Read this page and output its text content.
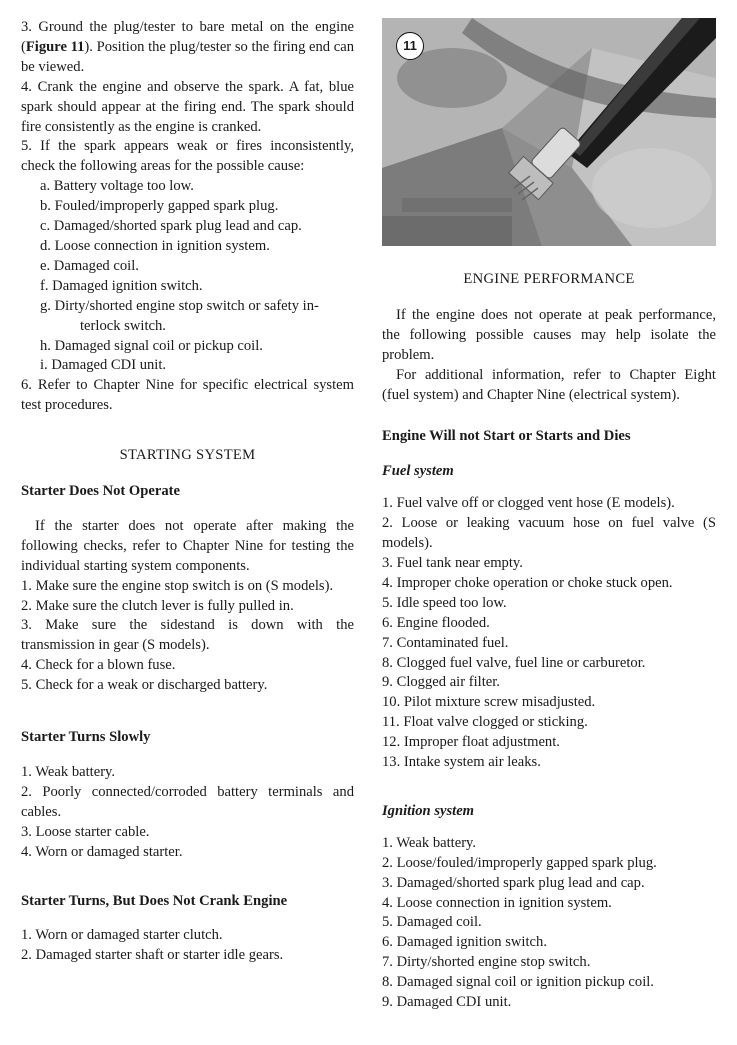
3. Ground the plug/tester to bare metal on the engine (Figure 11). Position the plug/tester so the firing end can be viewed.

4. Crank the engine and observe the spark. A fat, blue spark should appear at the firing end. The spark should fire consistently as the engine is cranked.

5. If the spark appears weak or fires inconsistently, check the following areas for the possible cause:

a. Battery voltage too low.

b. Fouled/improperly gapped spark plug.

c. Damaged/shorted spark plug lead and cap.

d. Loose connection in ignition system.

e. Damaged coil.

f. Damaged ignition switch.

g. Dirty/shorted engine stop switch or safety in-

terlock switch.

h. Damaged signal coil or pickup coil.

i. Damaged CDI unit.

6. Refer to Chapter Nine for specific electrical system test procedures.

STARTING SYSTEM
Starter Does Not Operate

If the starter does not operate after making the following checks, refer to Chapter Nine for testing the individual starting system components.

1. Make sure the engine stop switch is on (S models).

2. Make sure the clutch lever is fully pulled in.

3. Make sure the sidestand is down with the transmission in gear (S models).

4. Check for a blown fuse.

5. Check for a weak or discharged battery.

Starter Turns Slowly

1. Weak battery.

2. Poorly connected/corroded battery terminals and cables.

3. Loose starter cable.

4. Worn or damaged starter.

Starter Turns, But Does Not Crank Engine

1. Worn or damaged starter clutch.

2. Damaged starter shaft or starter idle gears.

11
ENGINE PERFORMANCE

If the engine does not operate at peak performance, the following possible causes may help isolate the problem.

For additional information, refer to Chapter Eight (fuel system) and Chapter Nine (electrical system).

Engine Will not Start or Starts and Dies
Fuel system

1. Fuel valve off or clogged vent hose (E models).

2. Loose or leaking vacuum hose on fuel valve (S models).

3. Fuel tank near empty.

4. Improper choke operation or choke stuck open.

5. Idle speed too low.

6. Engine flooded.

7. Contaminated fuel.

8. Clogged fuel valve, fuel line or carburetor.

9. Clogged air filter.

10. Pilot mixture screw misadjusted.

11. Float valve clogged or sticking.

12. Improper float adjustment.

13. Intake system air leaks.

Ignition system

1. Weak battery.

2. Loose/fouled/improperly gapped spark plug.

3. Damaged/shorted spark plug lead and cap.

4. Loose connection in ignition system.

5. Damaged coil.

6. Damaged ignition switch.

7. Dirty/shorted engine stop switch.

8. Damaged signal coil or ignition pickup coil.

9. Damaged CDI unit.
